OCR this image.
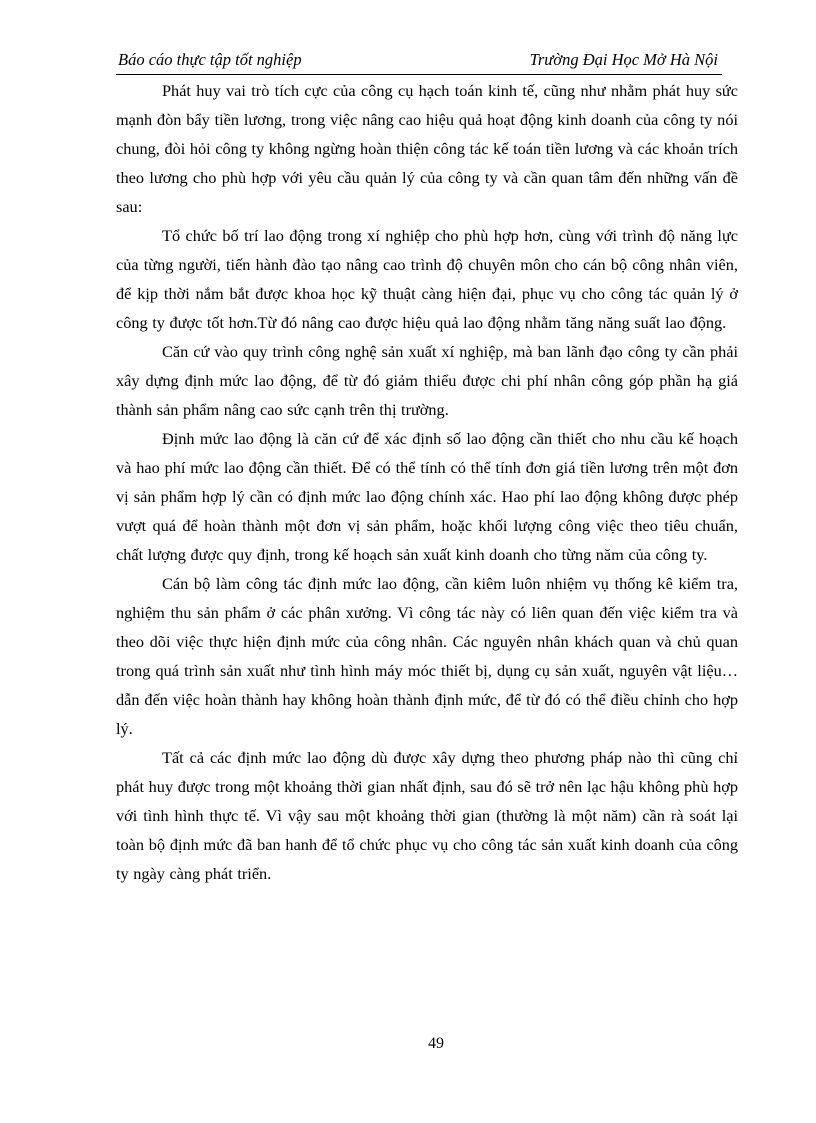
Báo cáo thực tập tốt nghiệp	Trường Đại Học Mở Hà Nội

Phát huy vai trò tích cực của công cụ hạch toán kinh tế, cũng như nhằm phát huy sức mạnh đòn bẩy tiền lương, trong việc nâng cao hiệu quả hoạt động kinh doanh của công ty nói chung, đòi hỏi công ty không ngừng hoàn thiện công tác kế toán tiền lương và các khoản trích theo lương cho phù hợp với yêu cầu quản lý của công ty và cần quan tâm đến những vấn đề sau:

Tổ chức bố trí lao động trong xí nghiệp cho phù hợp hơn, cùng với trình độ năng lực của từng người, tiến hành đào tạo nâng cao trình độ chuyên môn cho cán bộ công nhân viên, để kịp thời nắm bắt được khoa học kỹ thuật càng hiện đại, phục vụ cho công tác quản lý ở công ty được tốt hơn.Từ đó nâng cao được hiệu quả lao động nhằm tăng năng suất lao động.

Căn cứ vào quy trình công nghệ sản xuất xí nghiệp, mà ban lãnh đạo công ty cần phải xây dựng định mức lao động, để từ đó giảm thiểu được chi phí nhân công góp phần hạ giá thành sản phẩm nâng cao sức cạnh trên thị trường.

Định mức lao động là căn cứ để xác định số lao động cần thiết cho nhu cầu kế hoạch và hao phí mức lao động cần thiết. Để có thể tính có thể tính đơn giá tiền lương trên một đơn vị sản phẩm hợp lý cần có định mức lao động chính xác. Hao phí lao động không được phép vượt quá để hoàn thành một đơn vị sản phẩm, hoặc khối lượng công việc theo tiêu chuẩn, chất lượng được quy định, trong kế hoạch sản xuất kinh doanh cho từng năm của công ty.

Cán bộ làm công tác định mức lao động, cần kiêm luôn nhiệm vụ thống kê kiểm tra, nghiệm thu sản phẩm ở các phân xưởng. Vì công tác này có liên quan đến việc kiểm tra và theo dõi việc thực hiện định mức của công nhân. Các nguyên nhân khách quan và chủ quan trong quá trình sản xuất như tình hình máy móc thiết bị, dụng cụ sản xuất, nguyên vật liệu… dẫn đến việc hoàn thành hay không hoàn thành định mức, để từ đó có thể điều chỉnh cho hợp lý.

Tất cả các định mức lao động dù được xây dựng theo phương pháp nào thì cũng chỉ phát huy được trong một khoảng thời gian nhất định, sau đó sẽ trở nên lạc hậu không phù hợp với tình hình thực tế. Vì vậy sau một khoảng thời gian (thường là một năm) cần rà soát lại toàn bộ định mức đã ban hanh để tổ chức phục vụ cho công tác sản xuất kinh doanh của công ty ngày càng phát triển.

49
